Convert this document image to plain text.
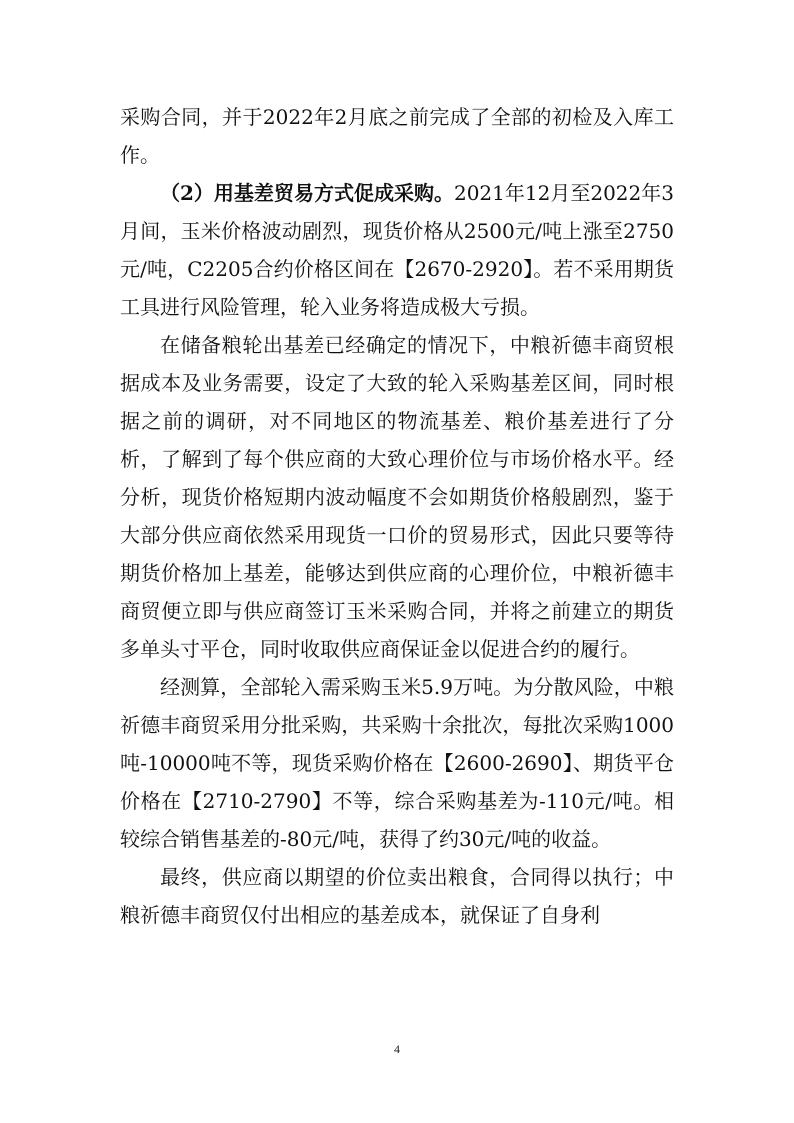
采购合同，并于2022年2月底之前完成了全部的初检及入库工作。

（2）用基差贸易方式促成采购。2021年12月至2022年3月间，玉米价格波动剧烈，现货价格从2500元/吨上涨至2750元/吨，C2205合约价格区间在【2670-2920】。若不采用期货工具进行风险管理，轮入业务将造成极大亏损。

在储备粮轮出基差已经确定的情况下，中粮祈德丰商贸根据成本及业务需要，设定了大致的轮入采购基差区间，同时根据之前的调研，对不同地区的物流基差、粮价基差进行了分析，了解到了每个供应商的大致心理价位与市场价格水平。经分析，现货价格短期内波动幅度不会如期货价格般剧烈，鉴于大部分供应商依然采用现货一口价的贸易形式，因此只要等待期货价格加上基差，能够达到供应商的心理价位，中粮祈德丰商贸便立即与供应商签订玉米采购合同，并将之前建立的期货多单头寸平仓，同时收取供应商保证金以促进合约的履行。

经测算，全部轮入需采购玉米5.9万吨。为分散风险，中粮祈德丰商贸采用分批采购，共采购十余批次，每批次采购1000吨-10000吨不等，现货采购价格在【2600-2690】、期货平仓价格在【2710-2790】不等，综合采购基差为-110元/吨。相较综合销售基差的-80元/吨，获得了约30元/吨的收益。

最终，供应商以期望的价位卖出粮食，合同得以执行；中粮祈德丰商贸仅付出相应的基差成本，就保证了自身利

4
